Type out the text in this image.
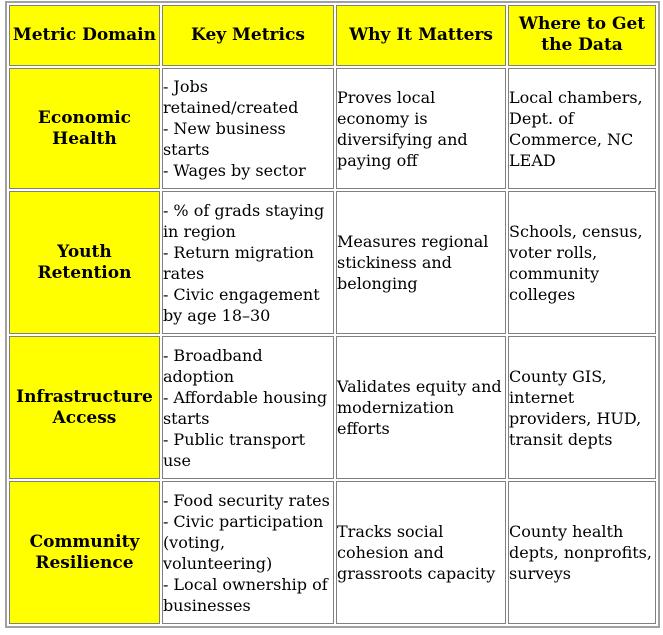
Metric Domain	Key Metrics	Why It Matters	Where to Get the Data

Economic
Health	- Jobs retained/created
- New business starts
- Wages by sector	Proves local economy is diversifying and paying off	Local chambers, Dept. of Commerce, NC LEAD

Youth
Retention	- % of grads staying in region
- Return migration rates
- Civic engagement by age 18–30	Measures regional stickiness and belonging	Schools, census, voter rolls, community colleges

Infrastructure
Access	- Broadband adoption
- Affordable housing starts
- Public transport use	Validates equity and modernization efforts	County GIS, internet providers, HUD, transit depts

Community
Resilience	- Food security rates
- Civic participation (voting, volunteering)
- Local ownership of businesses	Tracks social cohesion and grassroots capacity	County health depts, nonprofits, surveys
